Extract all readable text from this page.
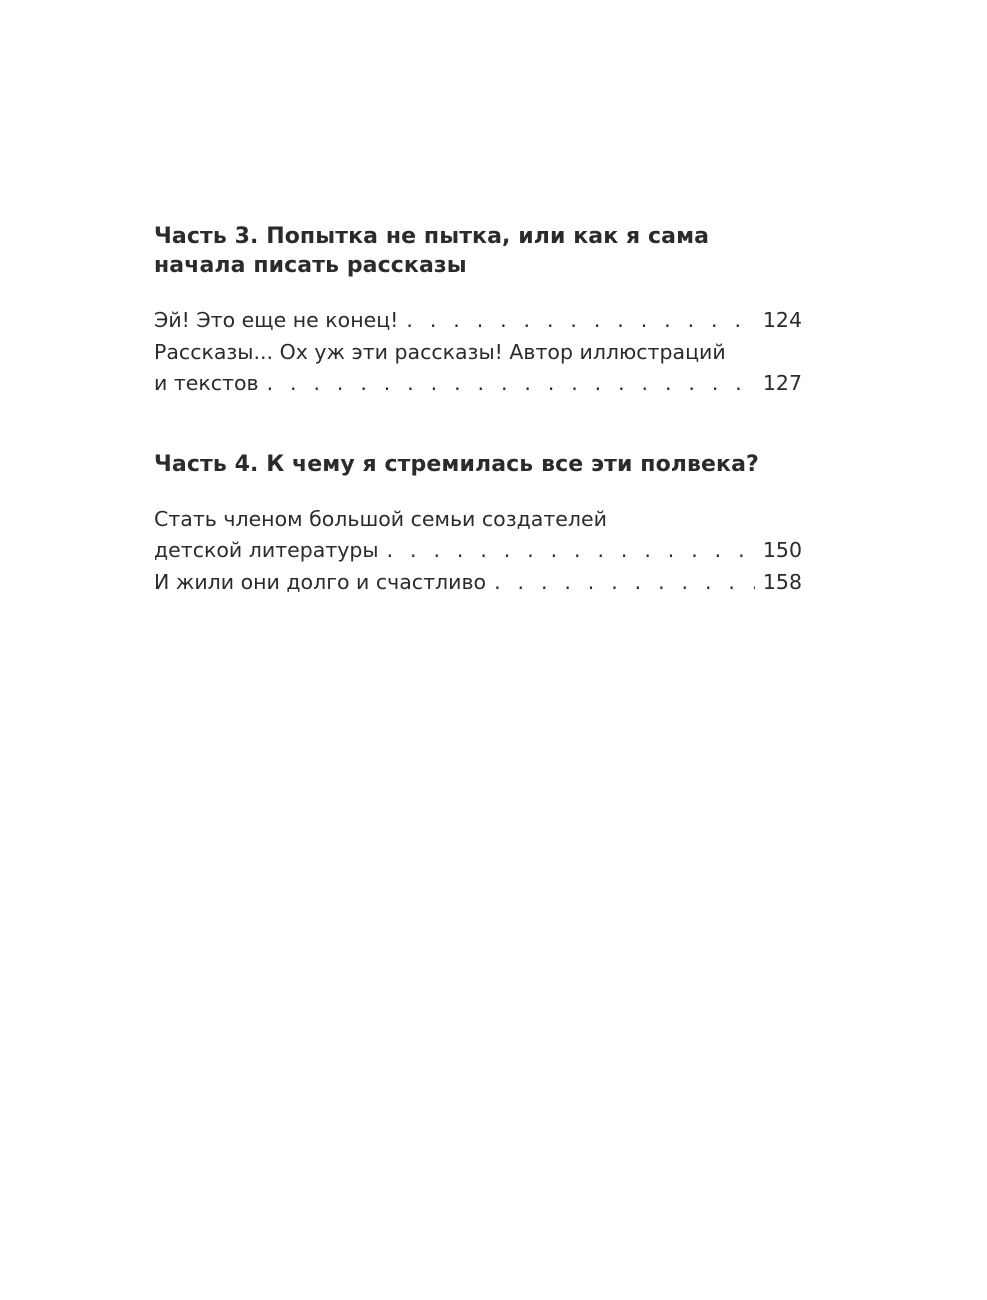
Часть 3. Попытка не пытка, или как я сама начала писать рассказы
Эй! Это еще не конец! . . .	124
Рассказы... Ох уж эти рассказы! Автор иллюстраций
и текстов . . .	127
Часть 4. К чему я стремилась все эти полвека?
Стать членом большой семьи создателей
детской литературы . . .	150
И жили они долго и счастливо . . .	158
